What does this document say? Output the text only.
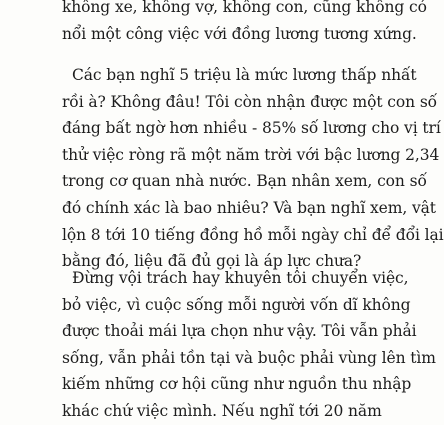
không xe, không vợ, không con, cũng không có
nổi một công việc với đồng lương tương xứng.
Các bạn nghĩ 5 triệu là mức lương thấp nhất
rồi à? Không đâu! Tôi còn nhận được một con số
đáng bất ngờ hơn nhiều - 85% số lương cho vị trí
thử việc ròng rã một năm trời với bậc lương 2,34
trong cơ quan nhà nước. Bạn nhân xem, con số
đó chính xác là bao nhiêu? Và bạn nghĩ xem, vật
lộn 8 tới 10 tiếng đồng hồ mỗi ngày chỉ để đổi lại
bằng đó, liệu đã đủ gọi là áp lực chưa?
Đừng vội trách hay khuyên tôi chuyển việc,
bỏ việc, vì cuộc sống mỗi người vốn dĩ không
được thoải mái lựa chọn như vậy. Tôi vẫn phải
sống, vẫn phải tồn tại và buộc phải vùng lên tìm
kiếm những cơ hội cũng như nguồn thu nhập
khác chứ việc mình. Nếu nghĩ tới 20 năm
